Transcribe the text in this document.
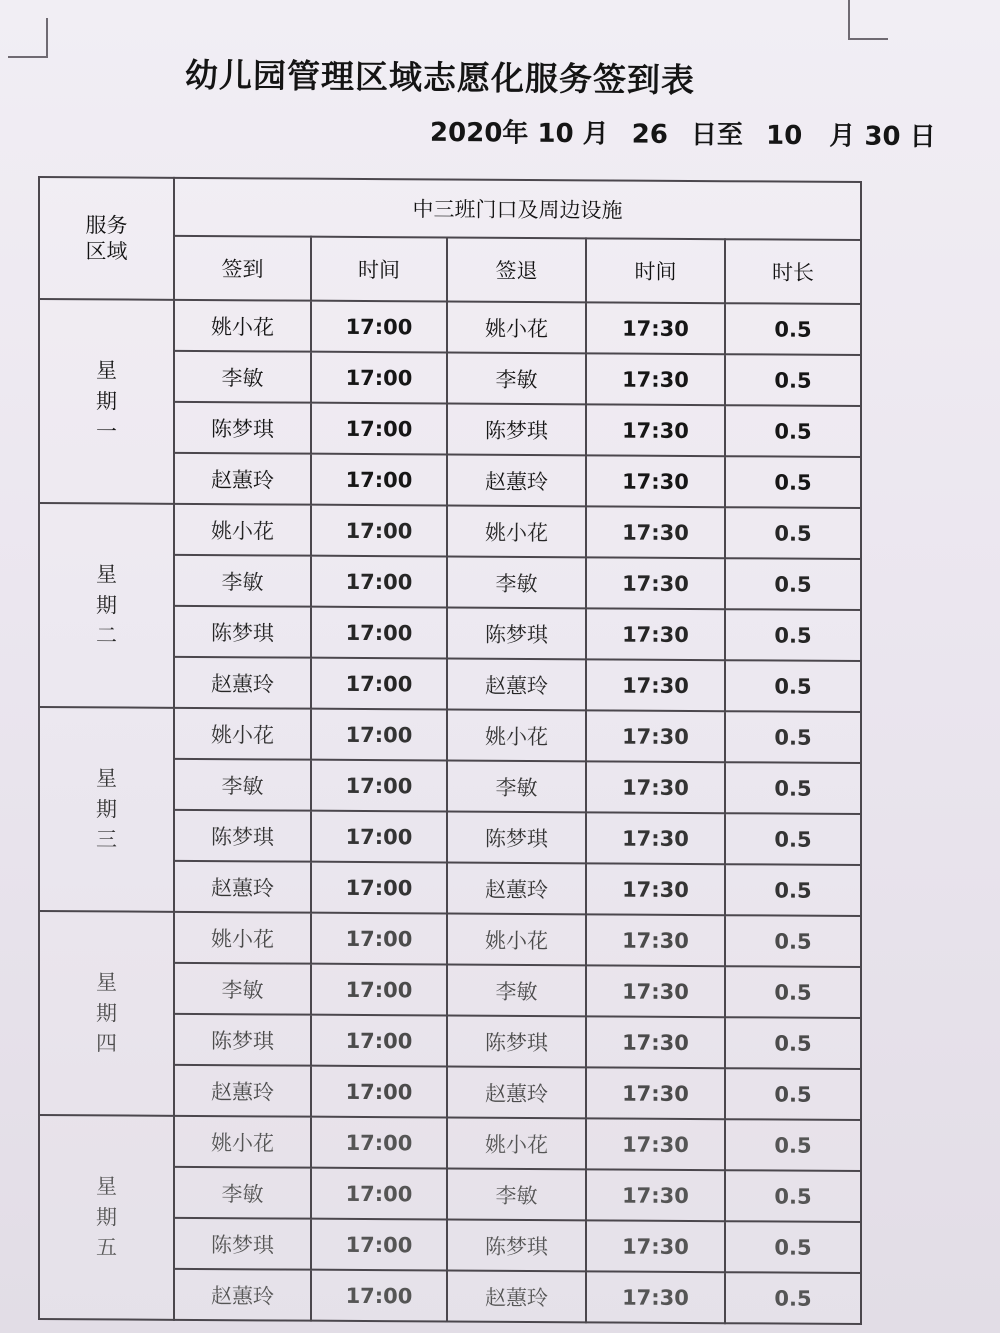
幼儿园管理区域志愿化服务签到表
2020年 10 月 26 日至 10 月 30 日
服务
区域	中三班门口及周边设施				
	签到	时间	签退	时间	时长
星
期
一	姚小花	17:00	姚小花	17:30	0.5
	李敏	17:00	李敏	17:30	0.5
	陈梦琪	17:00	陈梦琪	17:30	0.5
	赵蕙玲	17:00	赵蕙玲	17:30	0.5
星
期
二	姚小花	17:00	姚小花	17:30	0.5
	李敏	17:00	李敏	17:30	0.5
	陈梦琪	17:00	陈梦琪	17:30	0.5
	赵蕙玲	17:00	赵蕙玲	17:30	0.5
星
期
三	姚小花	17:00	姚小花	17:30	0.5
	李敏	17:00	李敏	17:30	0.5
	陈梦琪	17:00	陈梦琪	17:30	0.5
	赵蕙玲	17:00	赵蕙玲	17:30	0.5
星
期
四	姚小花	17:00	姚小花	17:30	0.5
	李敏	17:00	李敏	17:30	0.5
	陈梦琪	17:00	陈梦琪	17:30	0.5
	赵蕙玲	17:00	赵蕙玲	17:30	0.5
星
期
五	姚小花	17:00	姚小花	17:30	0.5
	李敏	17:00	李敏	17:30	0.5
	陈梦琪	17:00	陈梦琪	17:30	0.5
	赵蕙玲	17:00	赵蕙玲	17:30	0.5
